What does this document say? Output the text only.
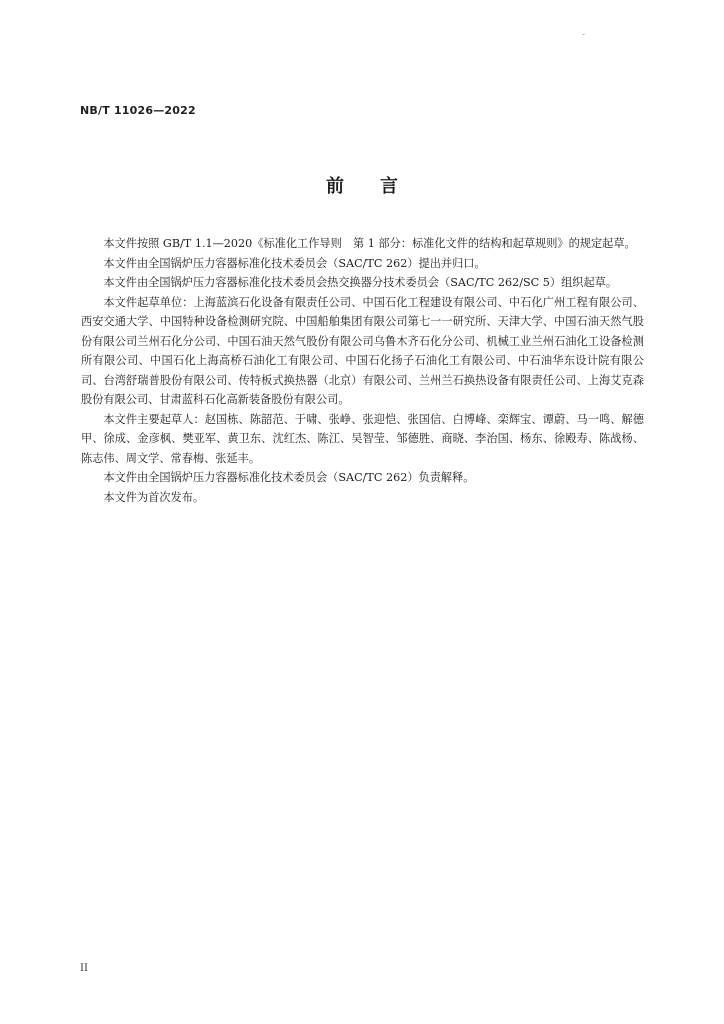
-
NB/T 11026—2022
前言

本文件按照 GB/T 1.1—2020《标准化工作导则　第 1 部分：标准化文件的结构和起草规则》的规定起草。

本文件由全国锅炉压力容器标准化技术委员会（SAC/TC 262）提出并归口。

本文件由全国锅炉压力容器标准化技术委员会热交换器分技术委员会（SAC/TC 262/SC 5）组织起草。

本文件起草单位：上海蓝滨石化设备有限责任公司、中国石化工程建设有限公司、中石化广州工程有限公司、西安交通大学、中国特种设备检测研究院、中国船舶集团有限公司第七一一研究所、天津大学、中国石油天然气股份有限公司兰州石化分公司、中国石油天然气股份有限公司乌鲁木齐石化分公司、机械工业兰州石油化工设备检测所有限公司、中国石化上海高桥石油化工有限公司、中国石化扬子石油化工有限公司、中石油华东设计院有限公司、台湾舒瑞普股份有限公司、传特板式换热器（北京）有限公司、兰州兰石换热设备有限责任公司、上海艾克森股份有限公司、甘肃蓝科石化高新装备股份有限公司。

本文件主要起草人：赵国栋、陈韶范、于啸、张峥、张迎恺、张国信、白博峰、栾辉宝、谭蔚、马一鸣、解德甲、徐成、金彦枫、樊亚军、黄卫东、沈红杰、陈江、吴智莹、邹德胜、商晓、李治国、杨东、徐殿寿、陈战杨、陈志伟、周文学、常春梅、张延丰。

本文件由全国锅炉压力容器标准化技术委员会（SAC/TC 262）负责解释。

本文件为首次发布。

II
